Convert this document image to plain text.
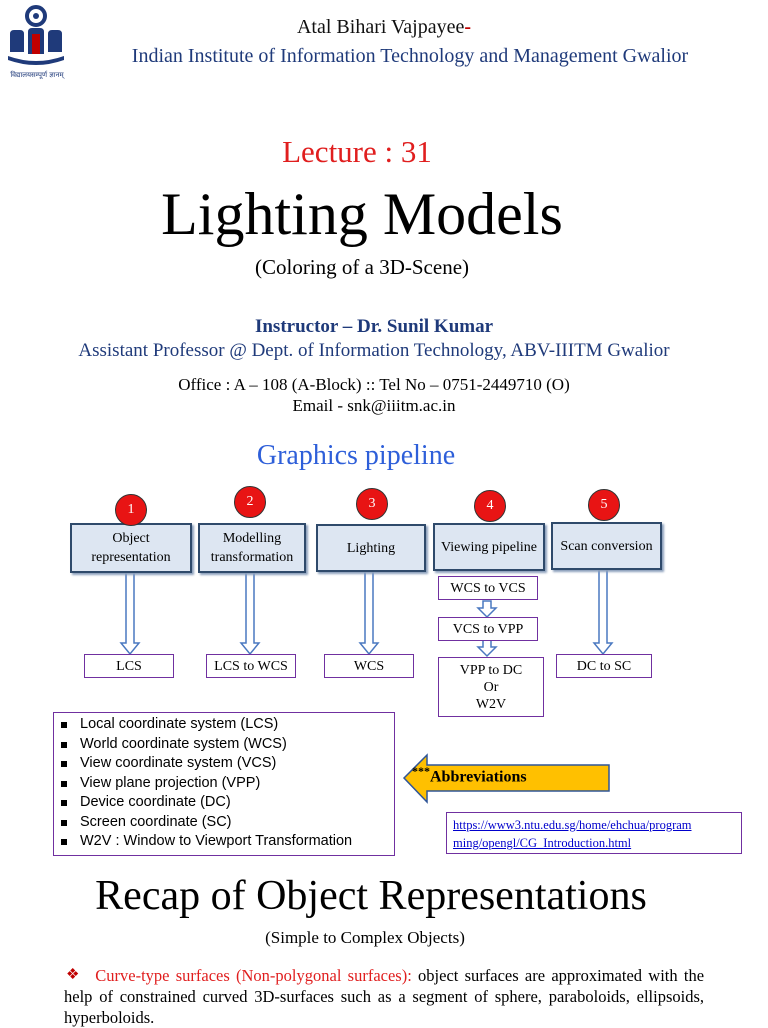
विद्यालयसम्पूर्ण ज्ञानम्
Atal Bihari Vajpayee-
Indian Institute of Information Technology and Management Gwalior
Lecture : 31
Lighting Models
(Coloring of a 3D-Scene)
Instructor – Dr. Sunil Kumar
Assistant Professor @ Dept. of Information Technology, ABV-IIITM Gwalior
Office : A – 108 (A-Block) :: Tel No – 0751-2449710 (O)
Email - snk@iiitm.ac.in
Graphics pipeline
Object representation
Modelling transformation
Lighting	Viewing pipeline	Scan conversion
1
2	3	4	5
LCS	LCS to WCS	WCS	DC to SC
WCS to VCS
VCS to VPP
VPP to DC
Or
W2V
Local coordinate system (LCS)
World coordinate system (WCS)
View coordinate system (VCS)
View plane projection (VPP)
Device coordinate (DC)
Screen coordinate (SC)
W2V : Window to Viewport Transformation
***Abbreviations
https://www3.ntu.edu.sg/home/ehchua/program
ming/opengl/CG_Introduction.html
Recap of Object Representations
(Simple to Complex Objects)
❖ Curve-type surfaces (Non-polygonal surfaces): object surfaces are approximated with the help of constrained curved 3D-surfaces such as a segment of sphere, paraboloids, ellipsoids, hyperboloids.
